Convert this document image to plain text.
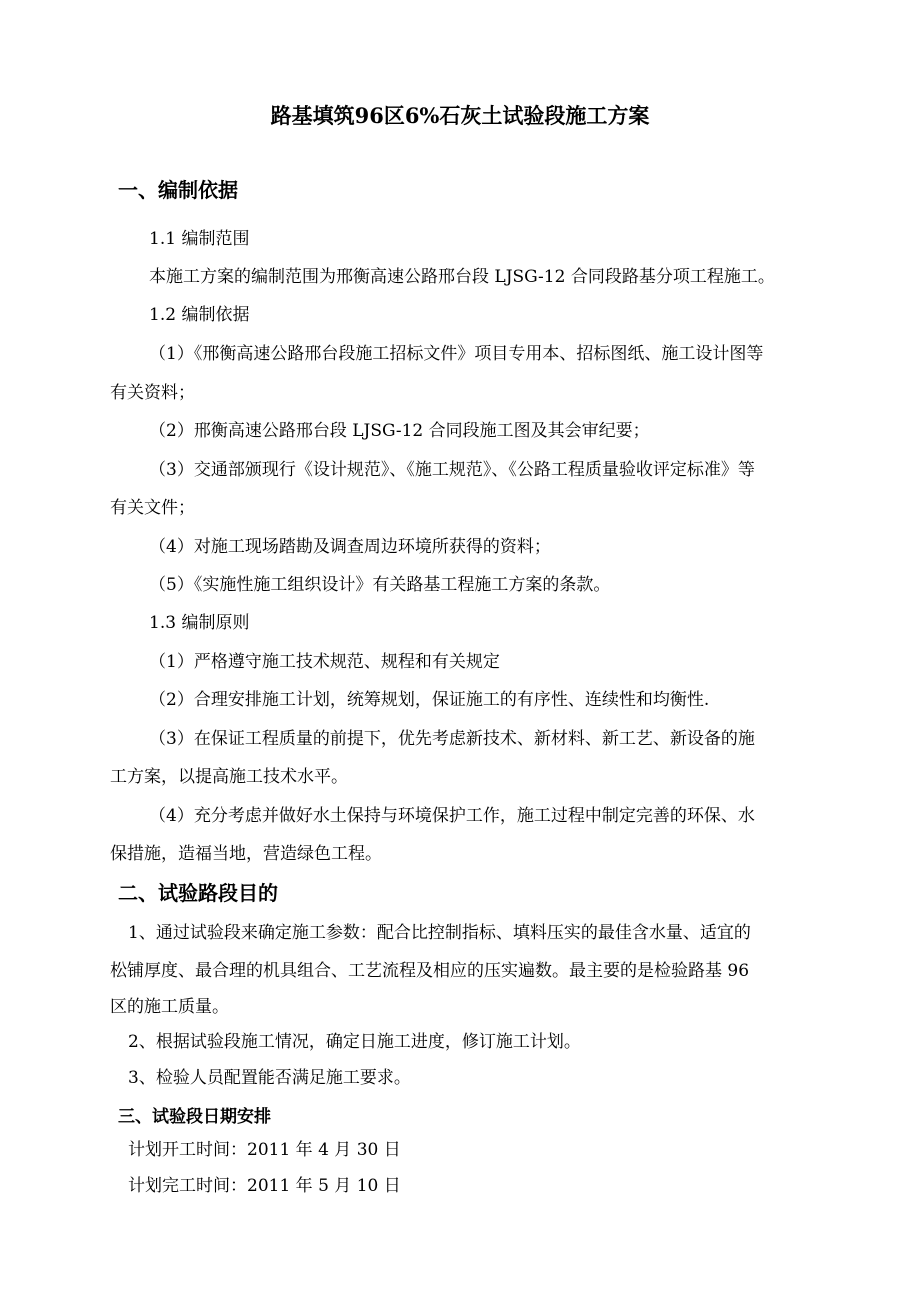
路基填筑96区6%石灰土试验段施工方案
一、编制依据
1.1 编制范围
本施工方案的编制范围为邢衡高速公路邢台段 LJSG-12 合同段路基分项工程施工。
1.2 编制依据
（1）《邢衡高速公路邢台段施工招标文件》项目专用本、招标图纸、施工设计图等
有关资料；
（2）邢衡高速公路邢台段 LJSG-12 合同段施工图及其会审纪要；
（3）交通部颁现行《设计规范》、《施工规范》、《公路工程质量验收评定标准》等
有关文件；
（4）对施工现场踏勘及调查周边环境所获得的资料；
（5）《实施性施工组织设计》有关路基工程施工方案的条款。
1.3 编制原则
（1）严格遵守施工技术规范、规程和有关规定
（2）合理安排施工计划，统筹规划，保证施工的有序性、连续性和均衡性.
（3）在保证工程质量的前提下，优先考虑新技术、新材料、新工艺、新设备的施
工方案，以提高施工技术水平。
（4）充分考虑并做好水土保持与环境保护工作，施工过程中制定完善的环保、水
保措施，造福当地，营造绿色工程。
二、试验路段目的
1、通过试验段来确定施工参数：配合比控制指标、填料压实的最佳含水量、适宜的
松铺厚度、最合理的机具组合、工艺流程及相应的压实遍数。最主要的是检验路基 96
区的施工质量。
2、根据试验段施工情况，确定日施工进度，修订施工计划。
3、检验人员配置能否满足施工要求。
三、试验段日期安排
计划开工时间：2011 年 4 月 30 日
计划完工时间：2011 年 5 月 10 日
